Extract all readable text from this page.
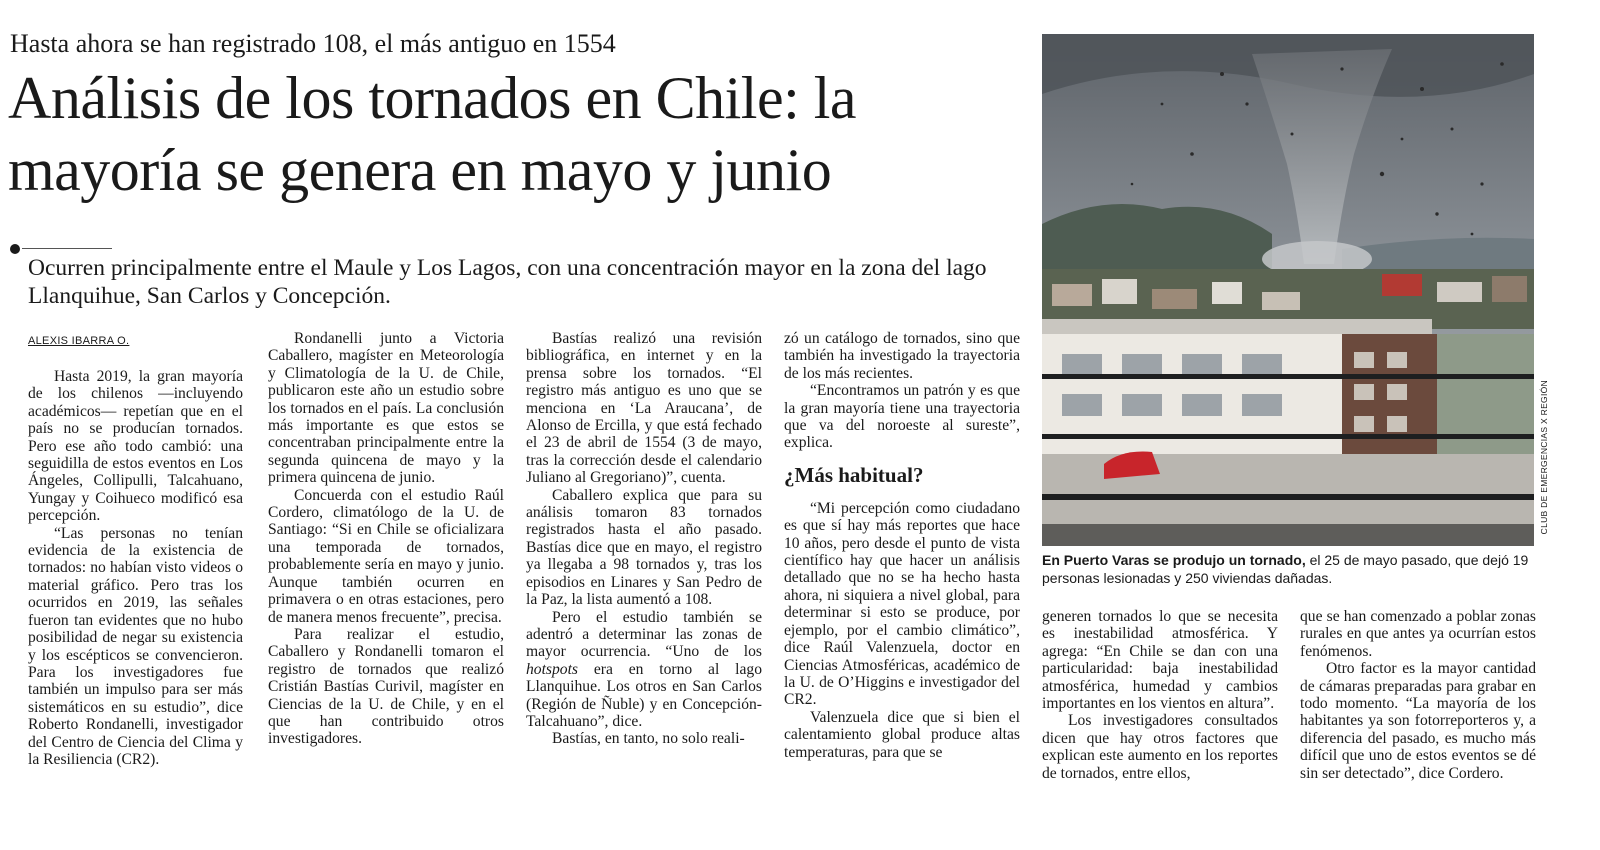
Hasta ahora se han registrado 108, el más antiguo en 1554
Análisis de los tornados en Chile: la mayoría se genera en mayo y junio
Ocurren principalmente entre el Maule y Los Lagos, con una concentración mayor en la zona del lago Llanquihue, San Carlos y Concepción.
ALEXIS IBARRA O.

Hasta 2019, la gran mayoría de los chilenos —incluyendo académicos— repetían que en el país no se producían tornados. Pero ese año todo cambió: una seguidilla de estos eventos en Los Ángeles, Collipulli, Talcahuano, Yungay y Coihueco modificó esa percepción.

“Las personas no tenían evidencia de la existencia de tornados: no habían visto videos o material gráfico. Pero tras los ocurridos en 2019, las señales fueron tan evidentes que no hubo posibilidad de negar su existencia y los escépticos se convencieron. Para los investigadores fue también un impulso para ser más sistemáticos en su estudio”, dice Roberto Rondanelli, investigador del Centro de Ciencia del Clima y la Resiliencia (CR2).

Rondanelli junto a Victoria Caballero, magíster en Meteorología y Climatología de la U. de Chile, publicaron este año un estudio sobre los tornados en el país. La conclusión más importante es que estos se concentraban principalmente entre la segunda quincena de mayo y la primera quincena de junio.

Concuerda con el estudio Raúl Cordero, climatólogo de la U. de Santiago: “Si en Chile se oficializara una temporada de tornados, probablemente sería en mayo y junio. Aunque también ocurren en primavera o en otras estaciones, pero de manera menos frecuente”, precisa.

Para realizar el estudio, Caballero y Rondanelli tomaron el registro de tornados que realizó Cristián Bastías Curivil, magíster en Ciencias de la U. de Chile, y en el que han contribuido otros investigadores.

Bastías realizó una revisión bibliográfica, en internet y en la prensa sobre los tornados. “El registro más antiguo es uno que se menciona en ‘La Araucana’, de Alonso de Ercilla, y que está fechado el 23 de abril de 1554 (3 de mayo, tras la corrección desde el calendario Juliano al Gregoriano)”, cuenta.

Caballero explica que para su análisis tomaron 83 tornados registrados hasta el año pasado. Bastías dice que en mayo, el registro ya llegaba a 98 tornados y, tras los episodios en Linares y San Pedro de la Paz, la lista aumentó a 108.

Pero el estudio también se adentró a determinar las zonas de mayor ocurrencia. “Uno de los hotspots era en torno al lago Llanquihue. Los otros en San Carlos (Región de Ñuble) y en Concepción-Talcahuano”, dice.

Bastías, en tanto, no solo reali-

zó un catálogo de tornados, sino que también ha investigado la trayectoria de los más recientes.

“Encontramos un patrón y es que la gran mayoría tiene una trayectoria que va del noroeste al sureste”, explica.

¿Más habitual?

“Mi percepción como ciudadano es que sí hay más reportes que hace 10 años, pero desde el punto de vista científico hay que hacer un análisis detallado que no se ha hecho hasta ahora, ni siquiera a nivel global, para determinar si esto se produce, por ejemplo, por el cambio climático”, dice Raúl Valenzuela, doctor en Ciencias Atmosféricas, académico de la U. de O’Higgins e investigador del CR2.

Valenzuela dice que si bien el calentamiento global produce altas temperaturas, para que se

generen tornados lo que se necesita es inestabilidad atmosférica. Y agrega: “En Chile se dan con una particularidad: baja inestabilidad atmosférica, humedad y cambios importantes en los vientos en altura”.

Los investigadores consultados dicen que hay otros factores que explican este aumento en los reportes de tornados, entre ellos,

que se han comenzado a poblar zonas rurales en que antes ya ocurrían estos fenómenos.

Otro factor es la mayor cantidad de cámaras preparadas para grabar en todo momento. “La mayoría de los habitantes ya son fotorreporteros y, a diferencia del pasado, es mucho más difícil que uno de estos eventos se dé sin ser detectado”, dice Cordero.

CLUB DE EMERGENCIAS X REGIÓN
En Puerto Varas se produjo un tornado, el 25 de mayo pasado, que dejó 19 personas lesionadas y 250 viviendas dañadas.
